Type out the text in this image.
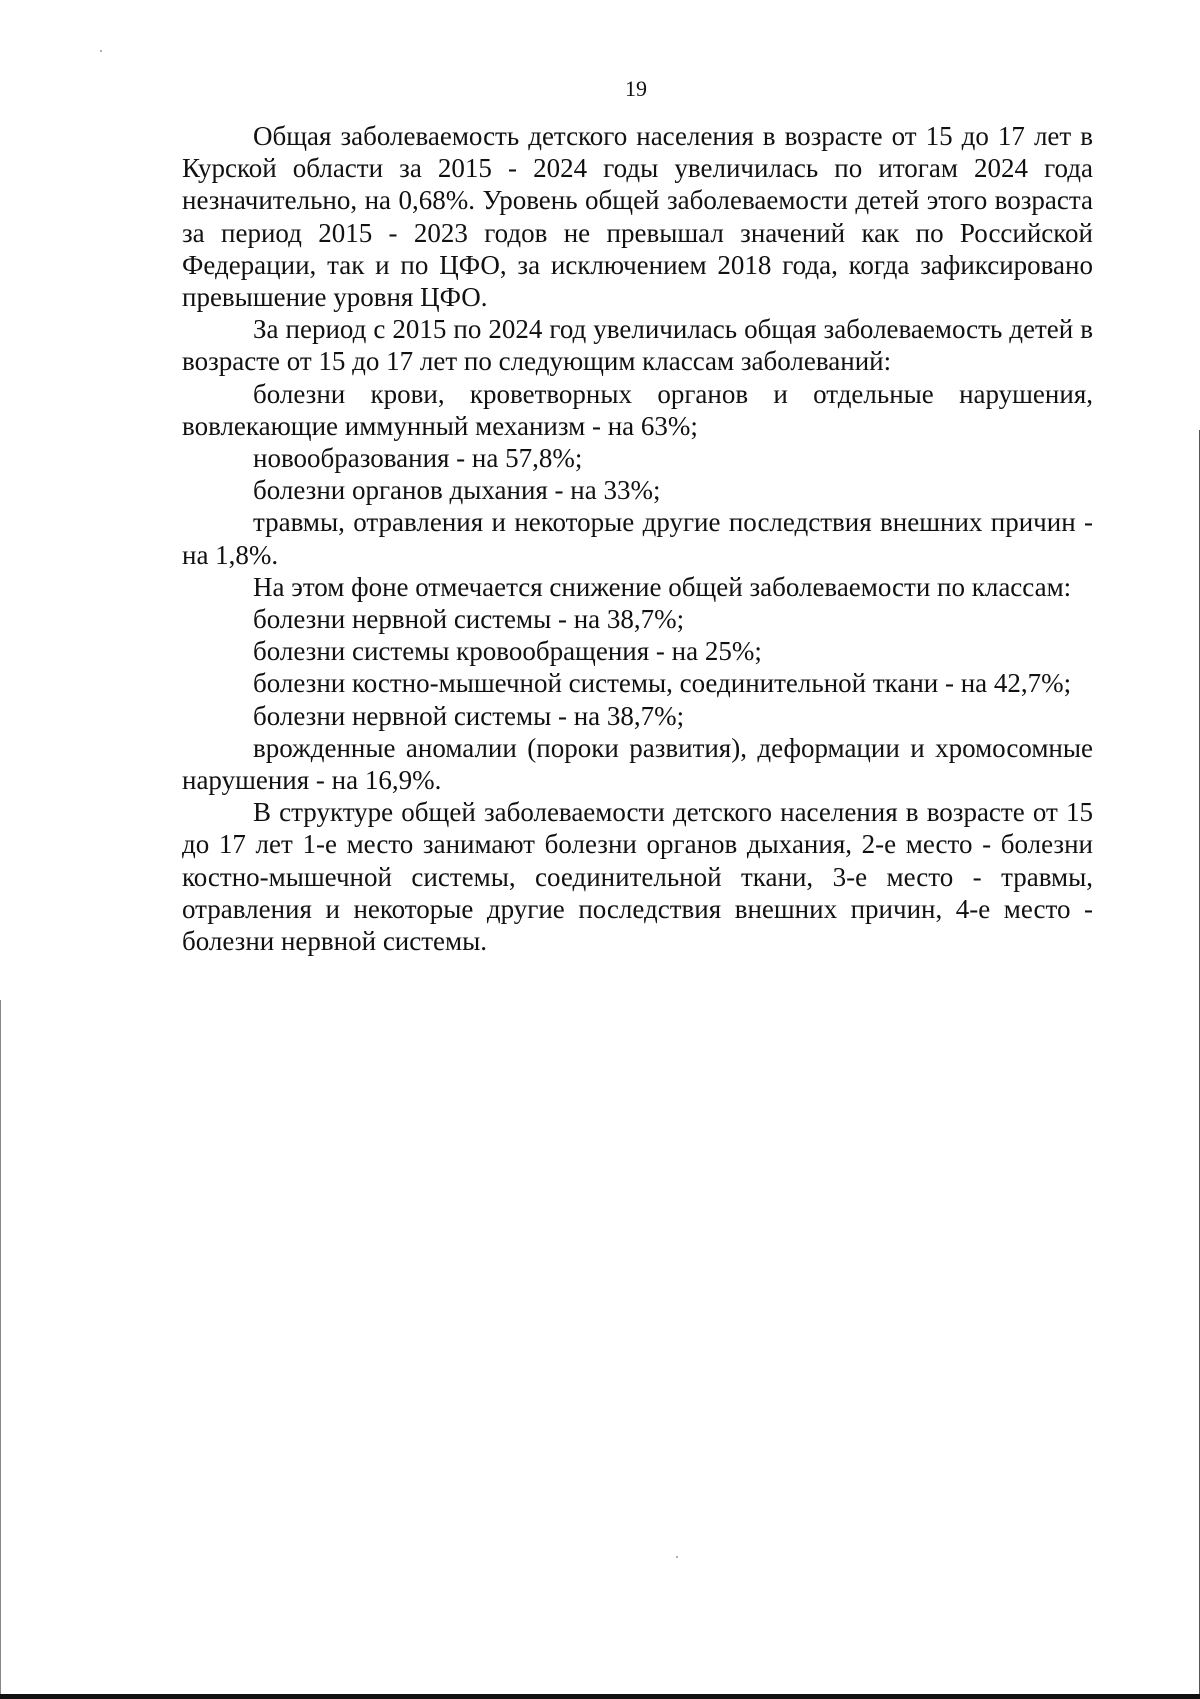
19

Общая заболеваемость детского населения в возрасте от 15 до 17 лет в Курской области за 2015 - 2024 годы увеличилась по итогам 2024 года незначительно, на 0,68%. Уровень общей заболеваемости детей этого возраста за период 2015 - 2023 годов не превышал значений как по Российской Федерации, так и по ЦФО, за исключением 2018 года, когда зафиксировано превышение уровня ЦФО.

За период с 2015 по 2024 год увеличилась общая заболеваемость детей в возрасте от 15 до 17 лет по следующим классам заболеваний:

болезни крови, кроветворных органов и отдельные нарушения, вовлекающие иммунный механизм - на 63%;

новообразования - на 57,8%;

болезни органов дыхания - на 33%;

травмы, отравления и некоторые другие последствия внешних причин - на 1,8%.

На этом фоне отмечается снижение общей заболеваемости по классам:

болезни нервной системы - на 38,7%;

болезни системы кровообращения - на 25%;

болезни костно-мышечной системы, соединительной ткани - на 42,7%;

болезни нервной системы - на 38,7%;

врожденные аномалии (пороки развития), деформации и хромосомные нарушения - на 16,9%.

В структуре общей заболеваемости детского населения в возрасте от 15 до 17 лет 1-е место занимают болезни органов дыхания, 2-е место - болезни костно-мышечной системы, соединительной ткани, 3-е место - травмы, отравления и некоторые другие последствия внешних причин, 4-е место - болезни нервной системы.
